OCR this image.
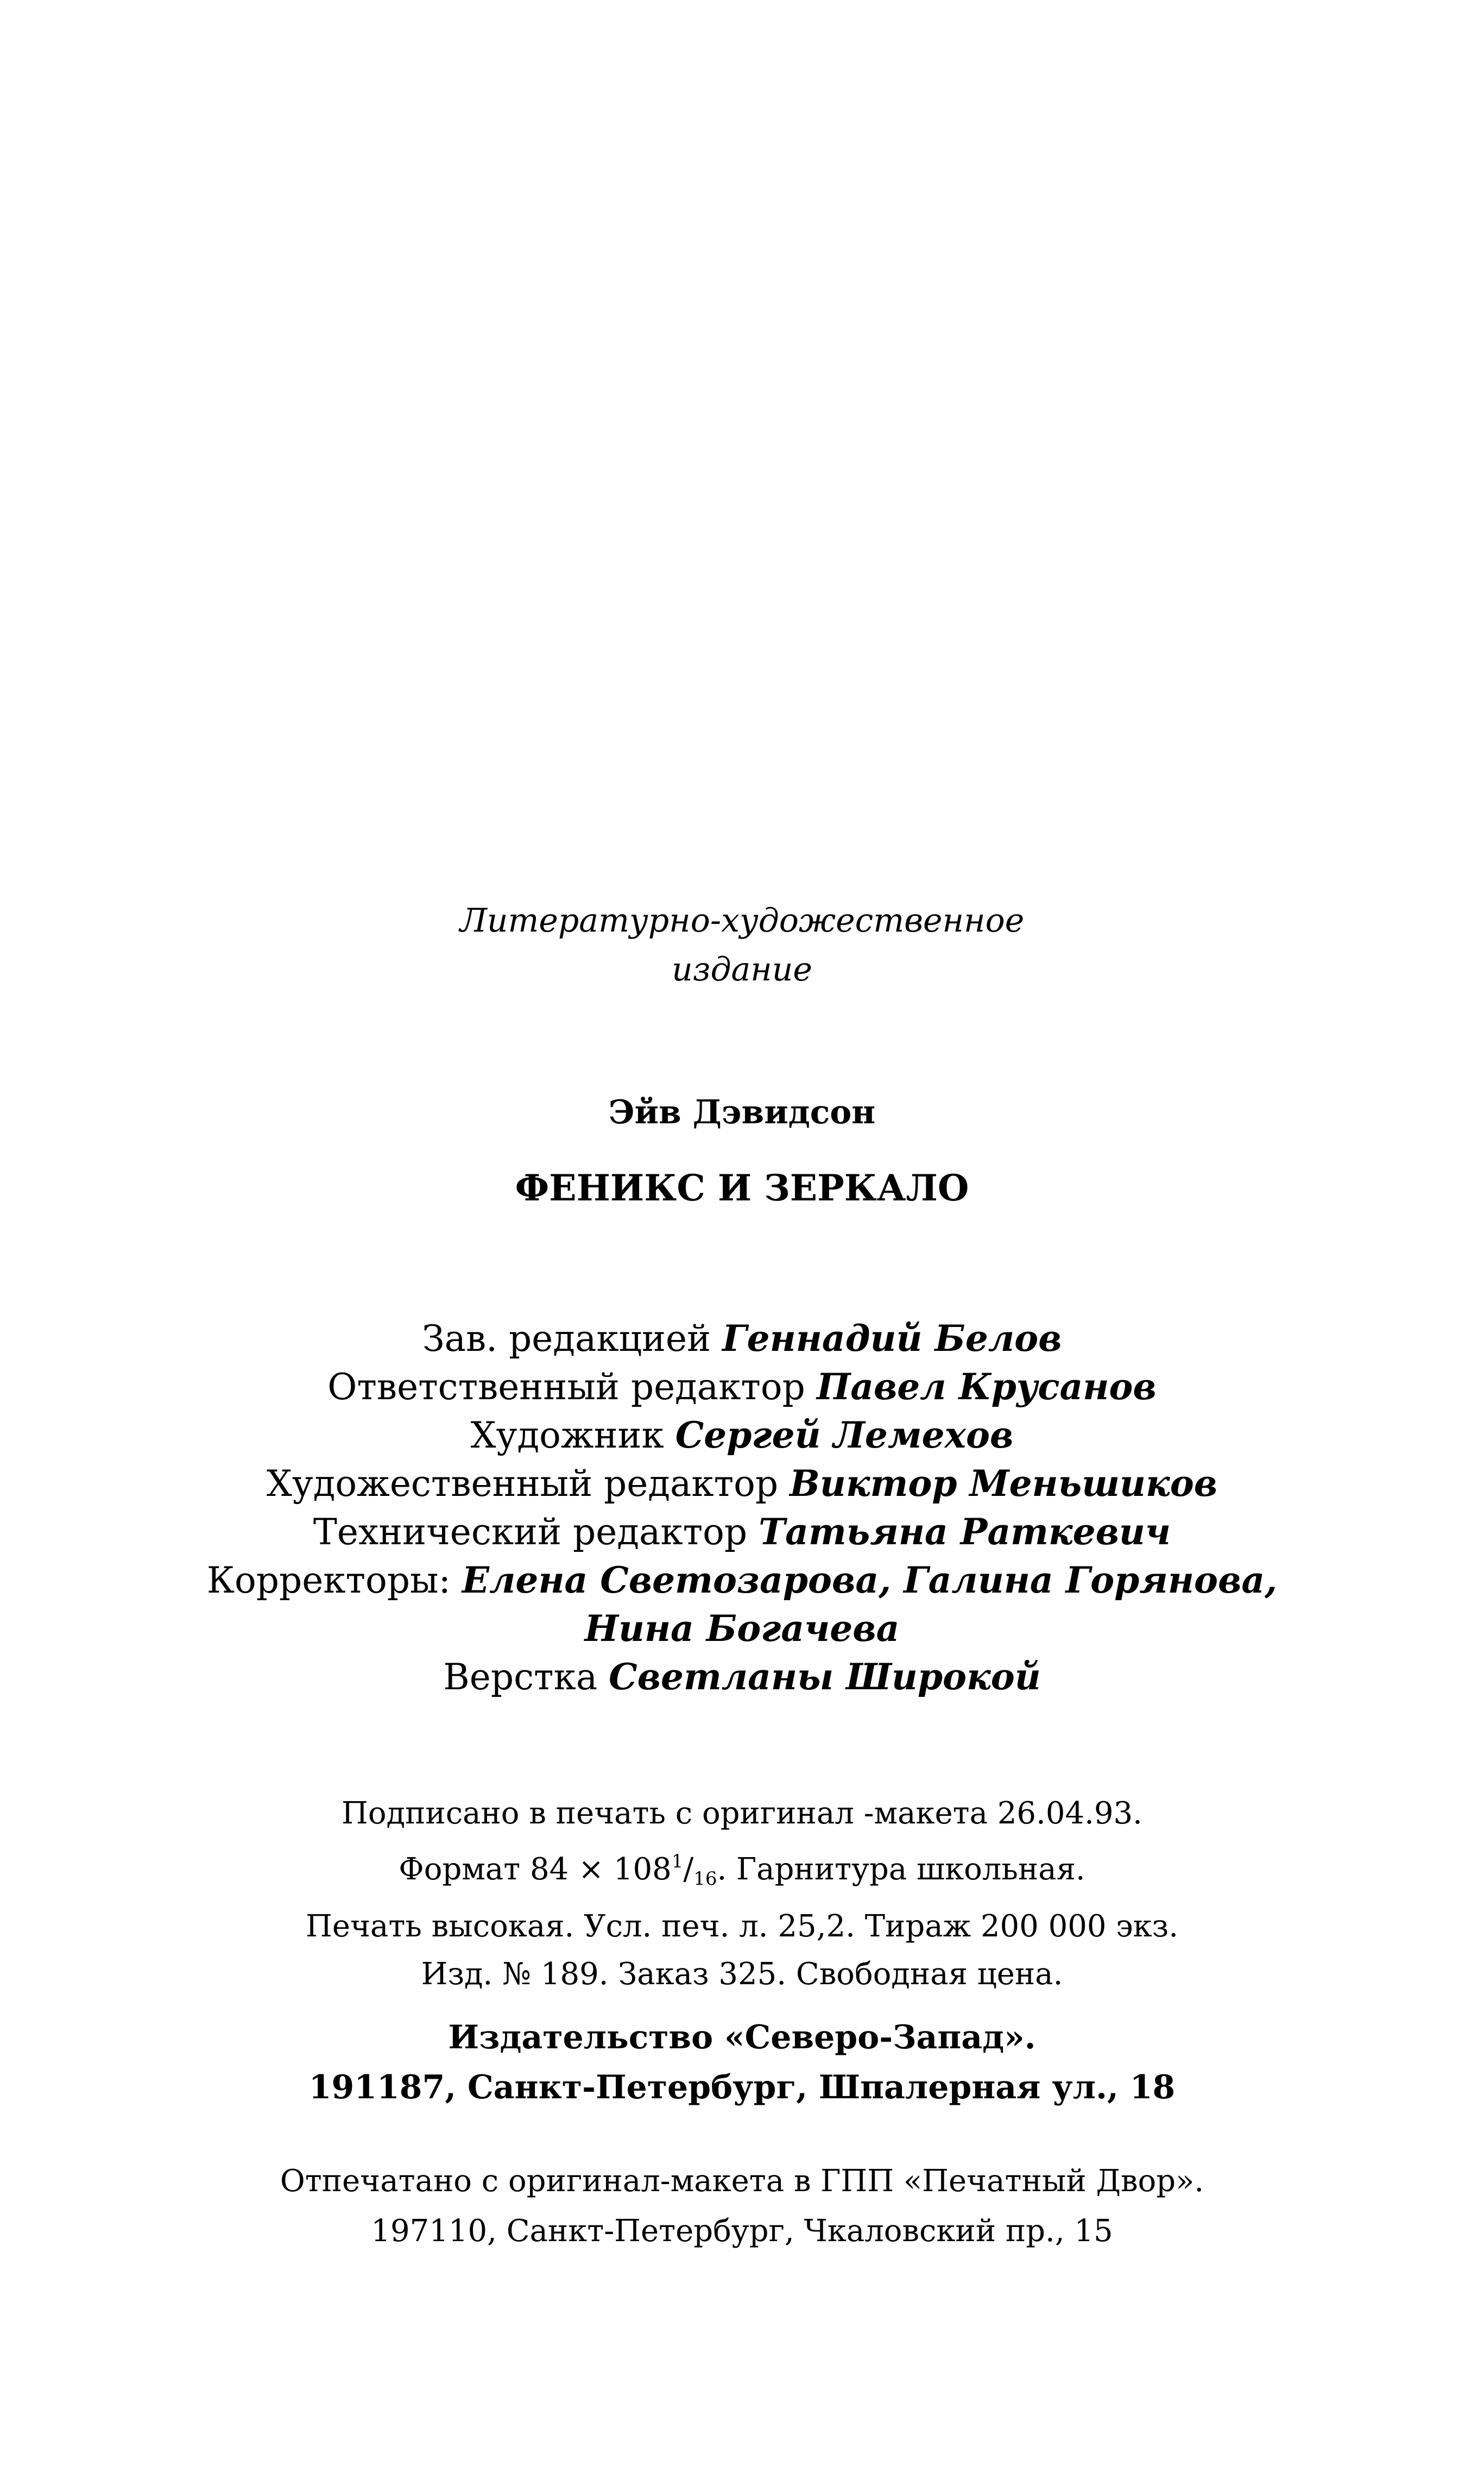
Литературно-художественное
издание
Эйв Дэвидсон
ФЕНИКС И ЗЕРКАЛО
Зав. редакцией Геннадий Белов
Ответственный редактор Павел Крусанов
Художник Сергей Лемехов
Художественный редактор Виктор Меньшиков
Технический редактор Татьяна Раткевич
Корректоры: Елена Светозарова, Галина Горянова,
Нина Богачева
Верстка Светланы Широкой
Подписано в печать с оригинал -макета 26.04.93.
Формат $84 \times 108^1/_{16}$. Гарнитура школьная.
Печать высокая. Усл. печ. л. 25,2. Тираж 200 000 экз.
Изд. № 189. Заказ 325. Свободная цена.
Издательство «Северо-Запад».
191187, Санкт-Петербург, Шпалерная ул., 18
Отпечатано с оригинал-макета в ГПП «Печатный Двор».
197110, Санкт-Петербург, Чкаловский пр., 15
